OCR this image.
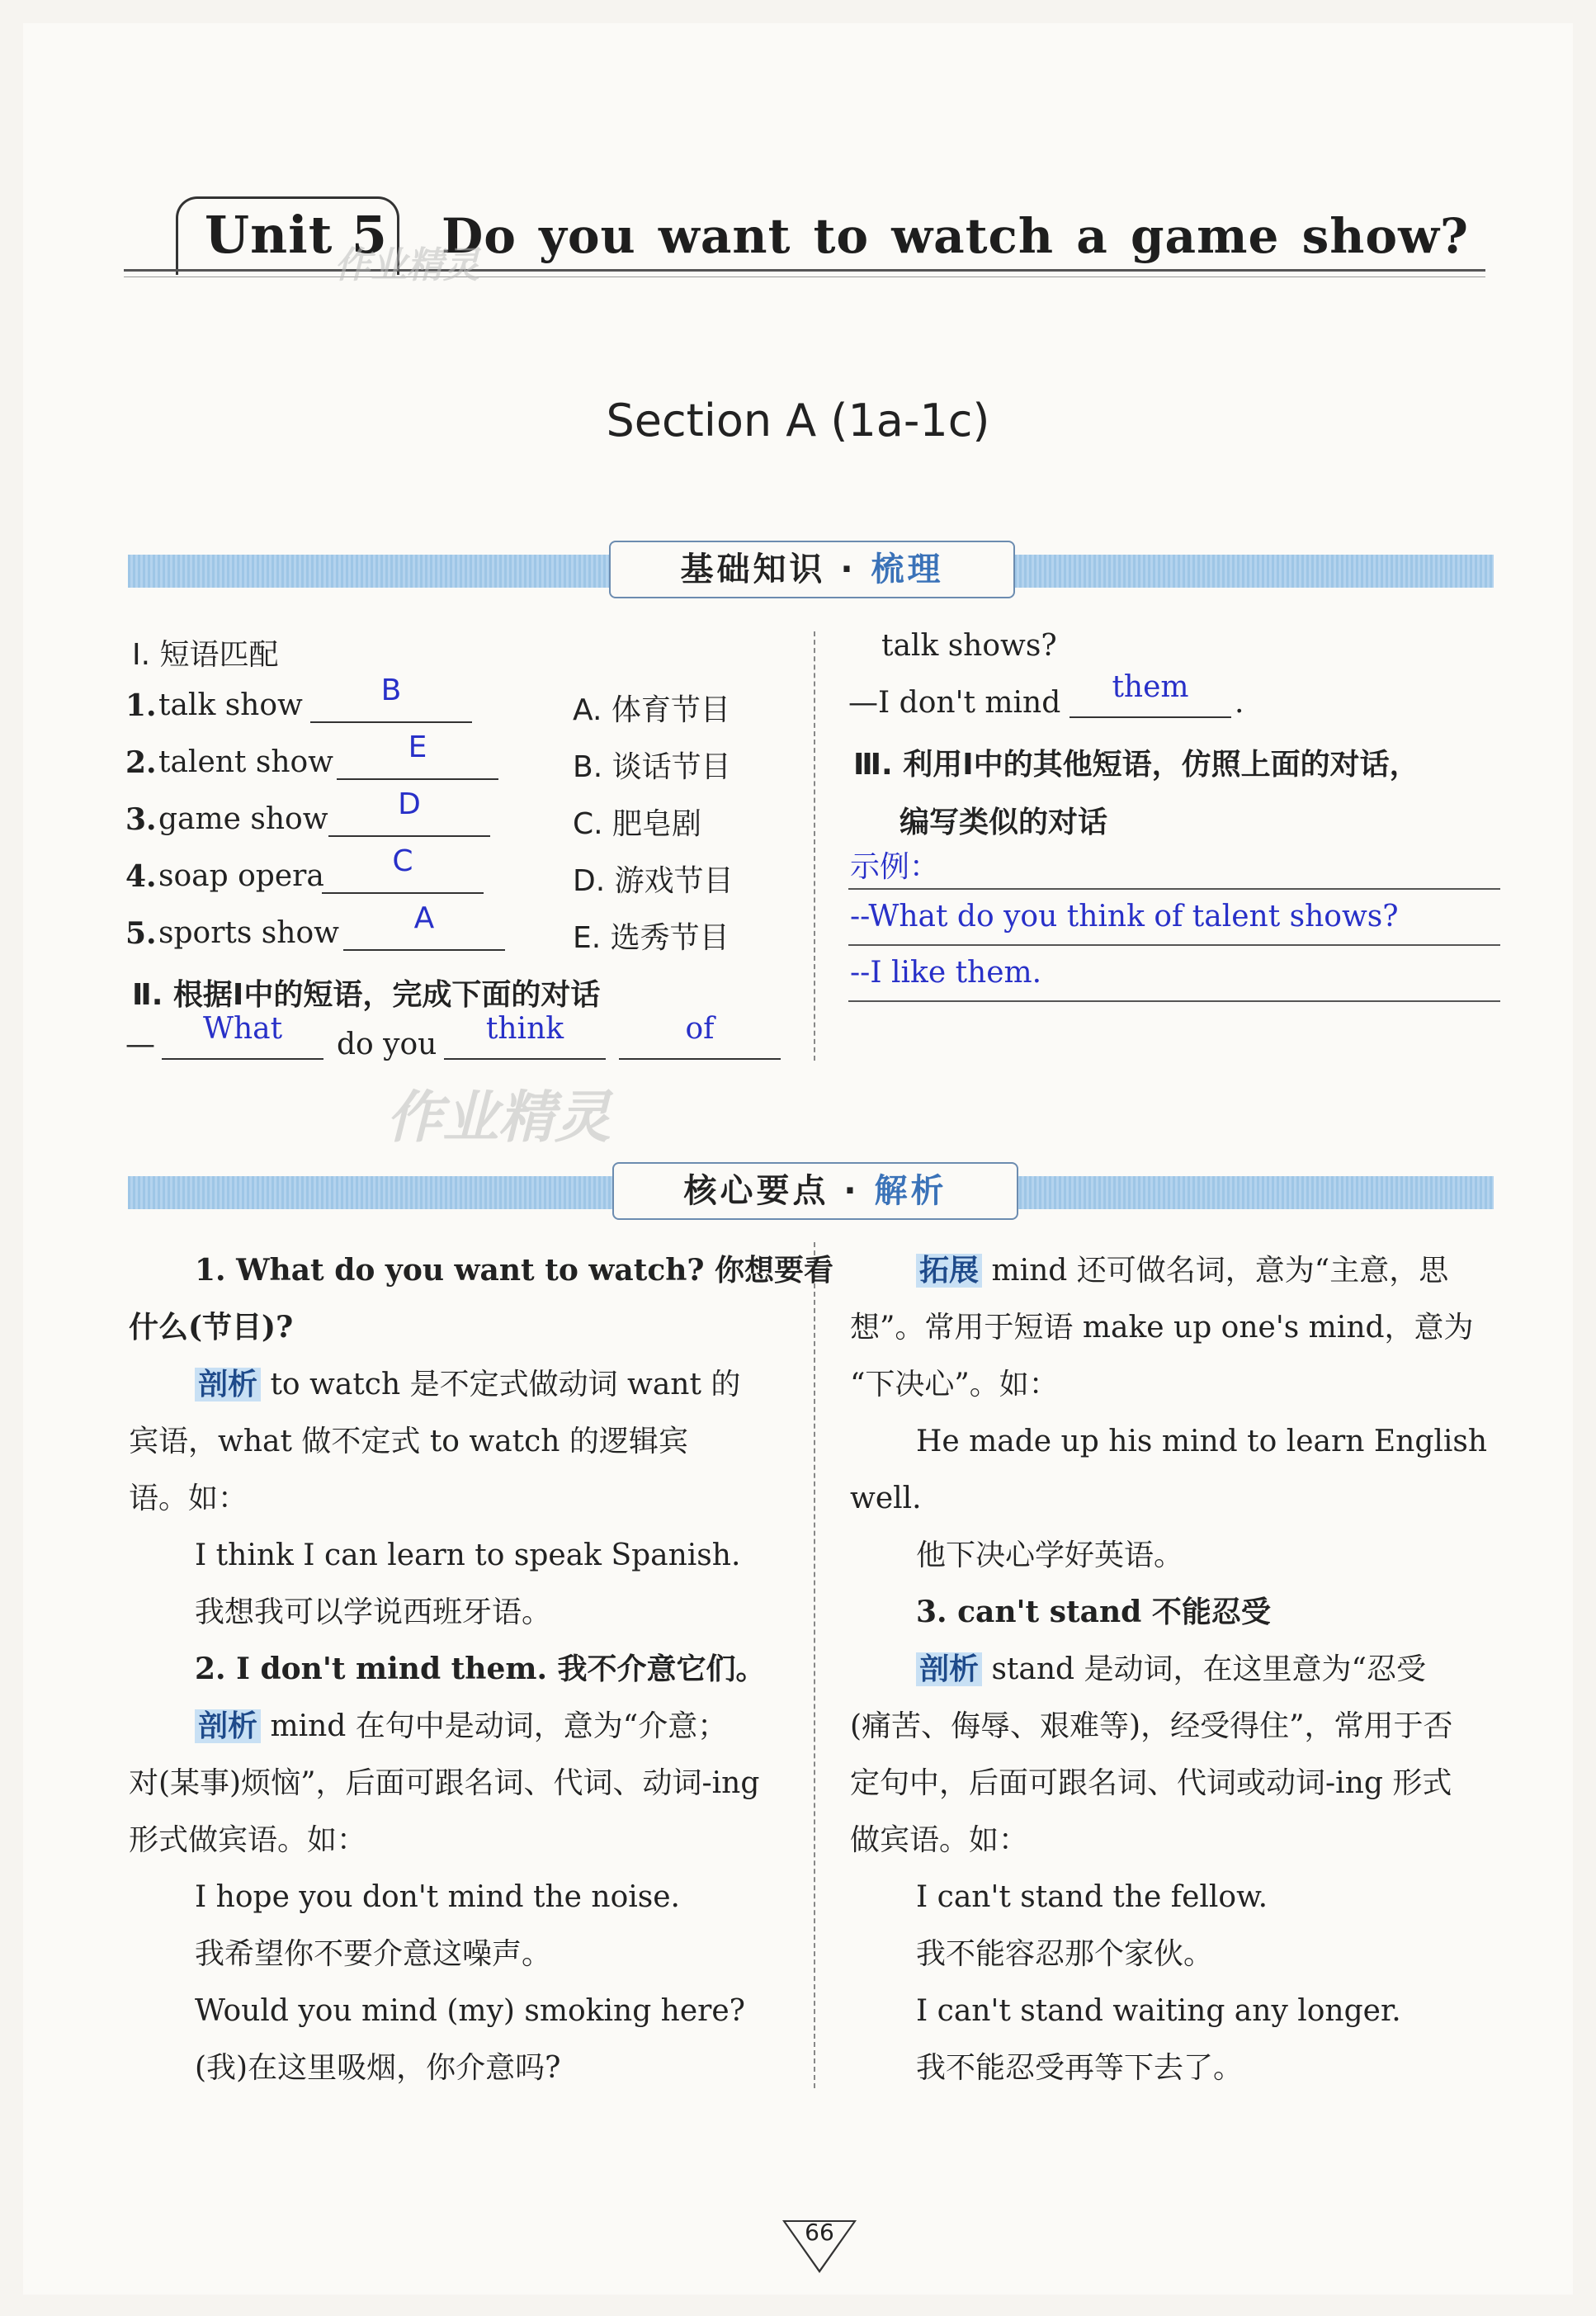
Unit 5 Do you want to watch a game show?
作业精灵
Section A (1a-1c)
基础知识 · 梳理
Ⅰ. 短语匹配
1. talk show	B
A. 体育节目
2. talent show	E
B. 谈话节目
3. game show	D
C. 肥皂剧
4. soap opera	C
D. 游戏节目
5. sports show	A
E. 选秀节目
Ⅱ. 根据Ⅰ中的短语，完成下面的对话
—	What	do you	think	of
作业精灵
talk shows?
—I don't mind	them	.
Ⅲ. 利用Ⅰ中的其他短语，仿照上面的对话，
编写类似的对话
示例：
--What do you think of talent shows?
--I like them.
核心要点 · 解析
1. What do you want to watch? 你想要看
什么(节目)?
剖析 to watch 是不定式做动词 want 的
宾语，what 做不定式 to watch 的逻辑宾
语。如：
I think I can learn to speak Spanish.
我想我可以学说西班牙语。
2. I don't mind them. 我不介意它们。
剖析 mind 在句中是动词，意为“介意；
对(某事)烦恼”，后面可跟名词、代词、动词-ing
形式做宾语。如：
I hope you don't mind the noise.
我希望你不要介意这噪声。
Would you mind (my) smoking here?
(我)在这里吸烟，你介意吗?
拓展 mind 还可做名词，意为“主意，思
想”。常用于短语 make up one's mind，意为
“下决心”。如：
He made up his mind to learn English
well.
他下决心学好英语。
3. can't stand 不能忍受
剖析 stand 是动词，在这里意为“忍受
(痛苦、侮辱、艰难等)，经受得住”，常用于否
定句中，后面可跟名词、代词或动词-ing 形式
做宾语。如：
I can't stand the fellow.
我不能容忍那个家伙。
I can't stand waiting any longer.
我不能忍受再等下去了。
66
